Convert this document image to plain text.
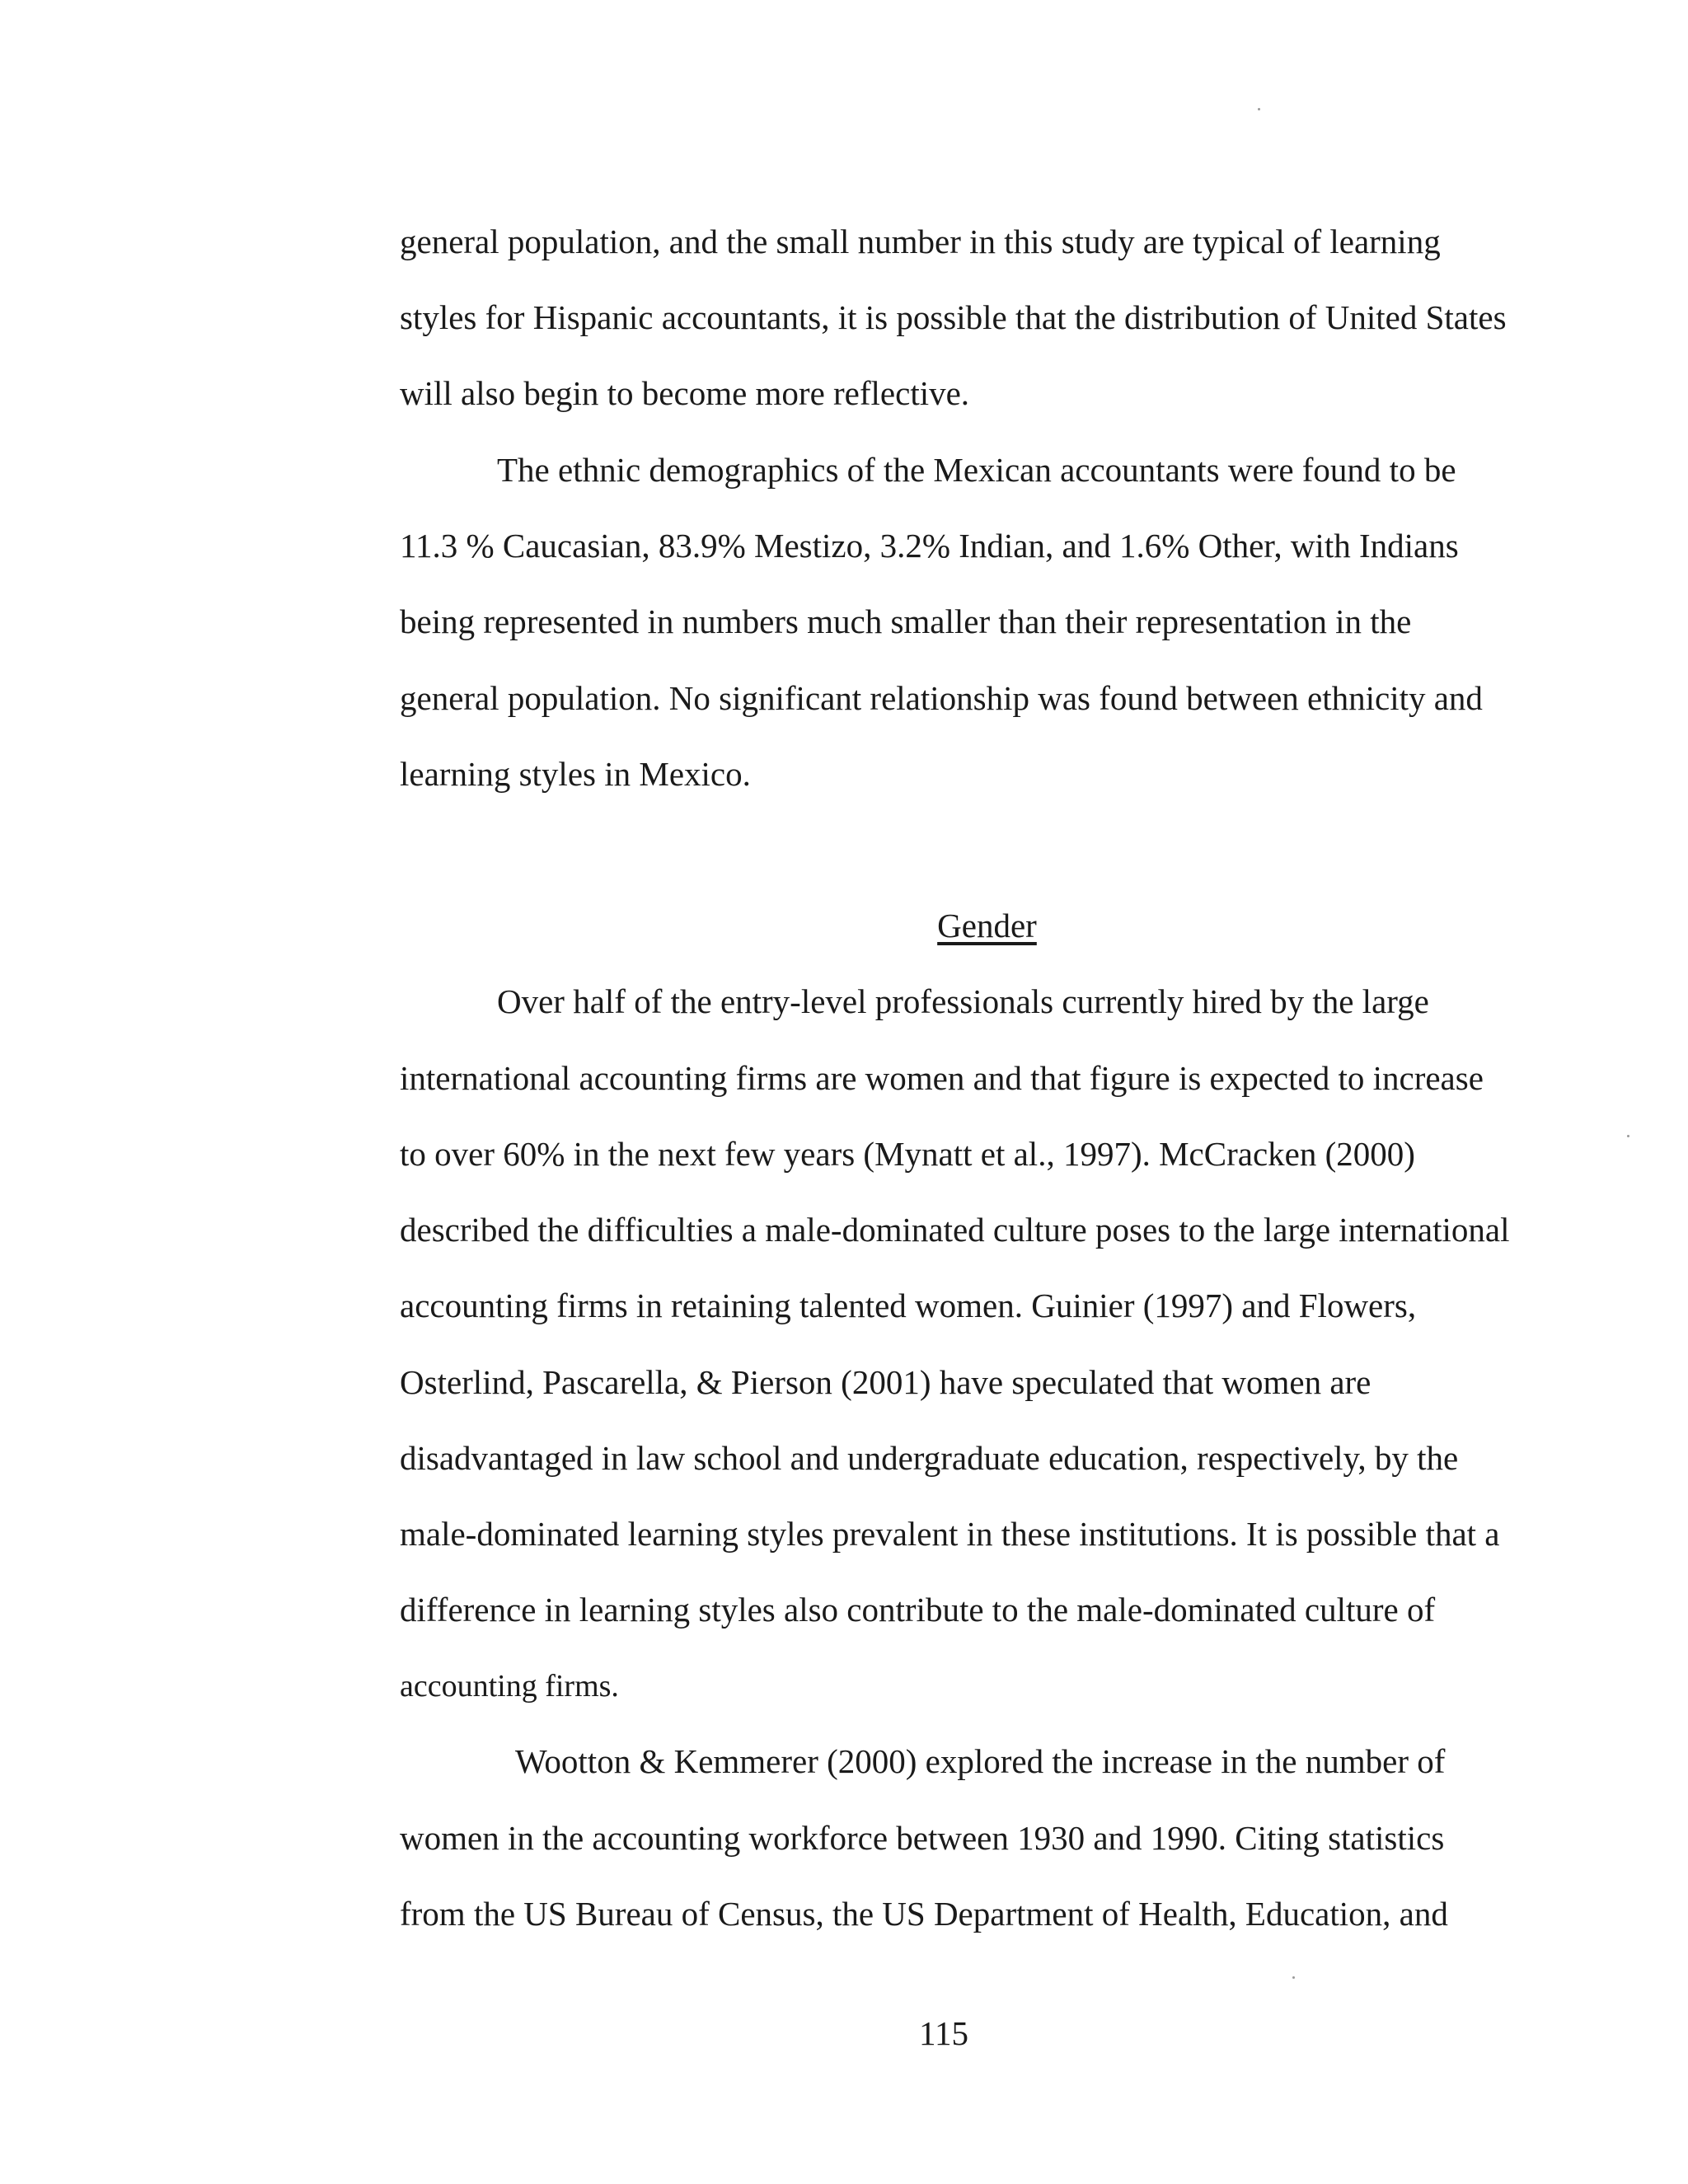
general population, and the small number in this study are typical of learning
styles for Hispanic accountants, it is possible that the distribution of United States
will also begin to become more reflective.
The ethnic demographics of the Mexican accountants were found to be
11.3 % Caucasian, 83.9% Mestizo, 3.2% Indian, and 1.6% Other, with Indians
being represented in numbers much smaller than their representation in the
general population. No significant relationship was found between ethnicity and
learning styles in Mexico.
Gender
Over half of the entry-level professionals currently hired by the large
international accounting firms are women and that figure is expected to increase
to over 60% in the next few years (Mynatt et al., 1997). McCracken (2000)
described the difficulties a male-dominated culture poses to the large international
accounting firms in retaining talented women. Guinier (1997) and Flowers,
Osterlind, Pascarella, & Pierson (2001) have speculated that women are
disadvantaged in law school and undergraduate education, respectively, by the
male-dominated learning styles prevalent in these institutions. It is possible that a
difference in learning styles also contribute to the male-dominated culture of
accounting firms.
Wootton & Kemmerer (2000) explored the increase in the number of
women in the accounting workforce between 1930 and 1990. Citing statistics
from the US Bureau of Census, the US Department of Health, Education, and
115
